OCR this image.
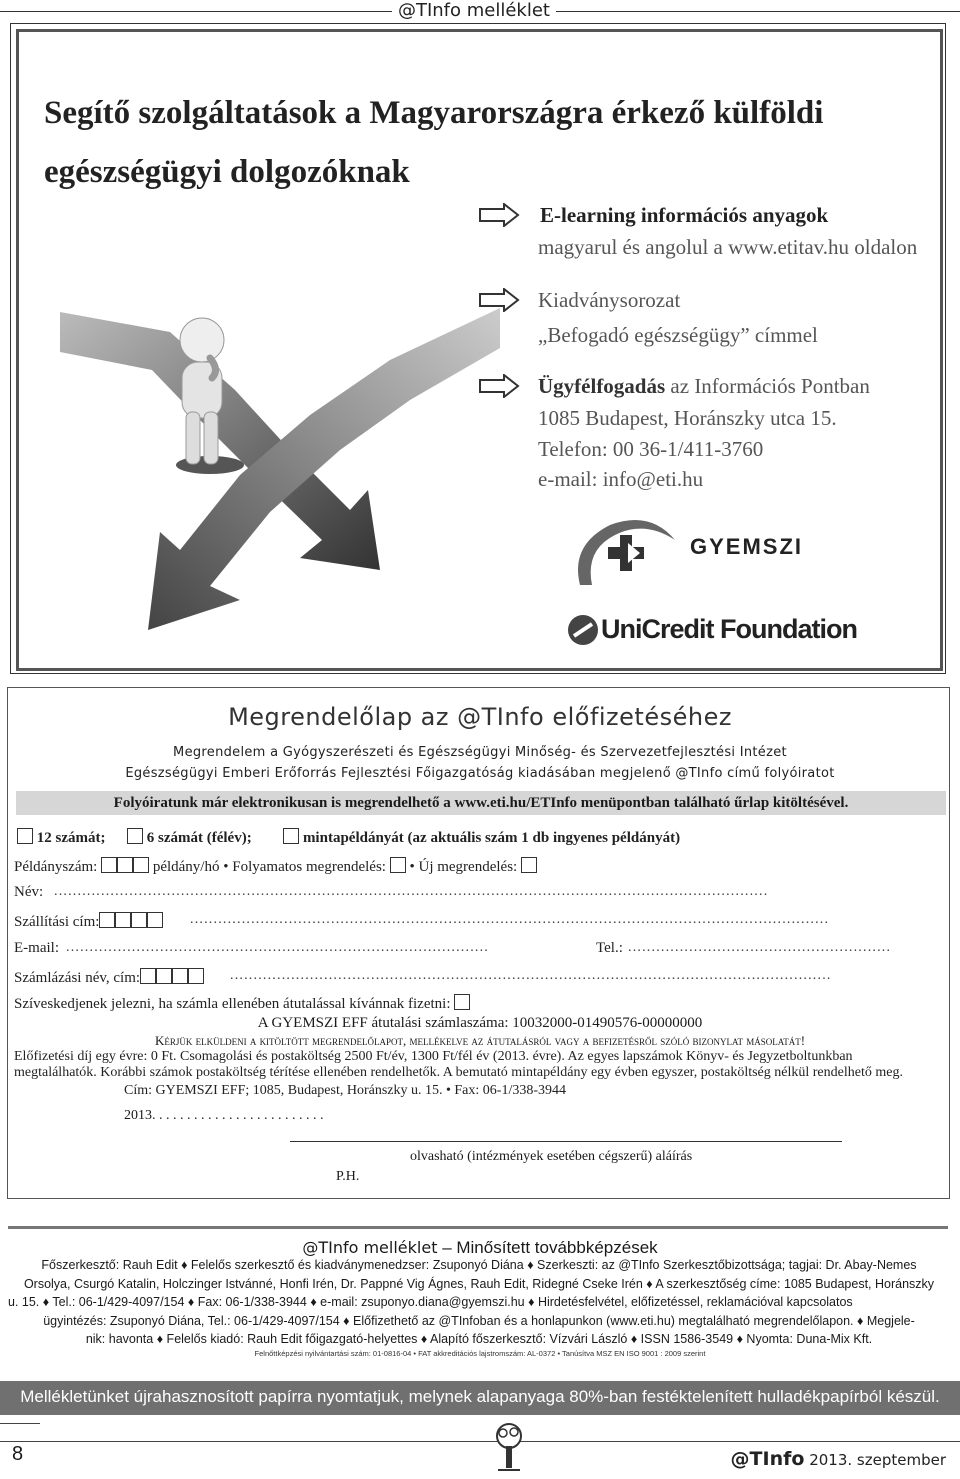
@TInfo melléklet
Segítő szolgáltatások a Magyarországra érkező külföldi
egészségügyi dolgozóknak
E-learning információs anyagok
magyarul és angolul a www.etitav.hu oldalon
Kiadványsorozat
„Befogadó egészségügy” címmel
Ügyfélfogadás az Információs Pontban
1085 Budapest, Horánszky utca 15.
Telefon: 00 36-1/411-3760
e-mail: info@eti.hu
GYEMSZI
UniCredit Foundation
Megrendelőlap az @TInfo előfizetéséhez
Megrendelem a Gyógyszerészeti és Egészségügyi Minőség- és Szervezetfejlesztési Intézet
Egészségügyi Emberi Erőforrás Fejlesztési Főigazgatóság kiadásában megjelenő @TInfo című folyóiratot
Folyóiratunk már elektronikusan is megrendelhető a www.eti.hu/ETInfo menüpontban található űrlap kitöltésével.
12 számát;	6 számát (félév);	mintapéldányát (az aktuális szám 1 db ingyenes példányát)
Példányszám:	példány/hó • Folyamatos megrendelés: • Új megrendelés:
Név: ........................................................................................................................................................
Szállítási cím:	........................................................................................................................................
E-mail: ..........................................................................................	Tel.: ........................................................
Számlázási név, cím:	................................................................................................................................
Szíveskedjenek jelezni, ha számla ellenében átutalással kívánnak fizetni:
A GYEMSZI EFF átutalási számlaszáma: 10032000-01490576-00000000
Kérjük elküldeni a kitöltött megrendelőlapot, mellékelve az átutalásról vagy a befizetésről szóló bizonylat másolatát!
Előfizetési díj egy évre: 0 Ft. Csomagolási és postaköltség 2500 Ft/év, 1300 Ft/fél év (2013. évre). Az egyes lapszámok Könyv- és Jegyzetboltunkban
megtalálhatók. Korábbi számok postaköltség térítése ellenében rendelhetők. A bemutató mintapéldány egy évben egyszer, postaköltség nélkül rendelhető meg.
Cím: GYEMSZI EFF; 1085, Budapest, Horánszky u. 15. • Fax: 06-1/338-3944
2013. . . . . . . . . . . . . . . . . . . . . . . . .
olvasható (intézmények esetében cégszerű) aláírás
P.H.
@TInfo melléklet – Minősített továbbképzések
Főszerkesztő: Rauh Edit ♦ Felelős szerkesztő és kiadványmenedzser: Zsuponyó Diána ♦ Szerkeszti: az @TInfo Szerkesztőbizottsága; tagjai: Dr. Abay-Nemes
Orsolya, Csurgó Katalin, Holczinger Istvánné, Honfi Irén, Dr. Pappné Vig Ágnes, Rauh Edit, Ridegné Cseke Irén ♦ A szerkesztőség címe: 1085 Budapest, Horánszky
u. 15. ♦ Tel.: 06-1/429-4097/154 ♦ Fax: 06-1/338-3944 ♦ e-mail: zsuponyo.diana@gyemszi.hu ♦ Hirdetésfelvétel, előfizetéssel, reklamációval kapcsolatos
ügyintézés: Zsuponyó Diána, Tel.: 06-1/429-4097/154 ♦ Előfizethető az @TInfoban és a honlapunkon (www.eti.hu) megtalálható megrendelőlapon. ♦ Megjele-
nik: havonta ♦ Felelős kiadó: Rauh Edit főigazgató-helyettes ♦ Alapító főszerkesztő: Vízvári László ♦ ISSN 1586-3549 ♦ Nyomta: Duna-Mix Kft.
Felnőttképzési nyilvántartási szám: 01-0816-04 • FAT akkreditációs lajstromszám: AL-0372 • Tanúsítva MSZ EN ISO 9001 : 2009 szerint
Mellékletünket újrahasznosított papírra nyomtatjuk, melynek alapanyaga 80%-ban festéktelenített hulladékpapírból készül.
8	@TInfo 2013. szeptember
